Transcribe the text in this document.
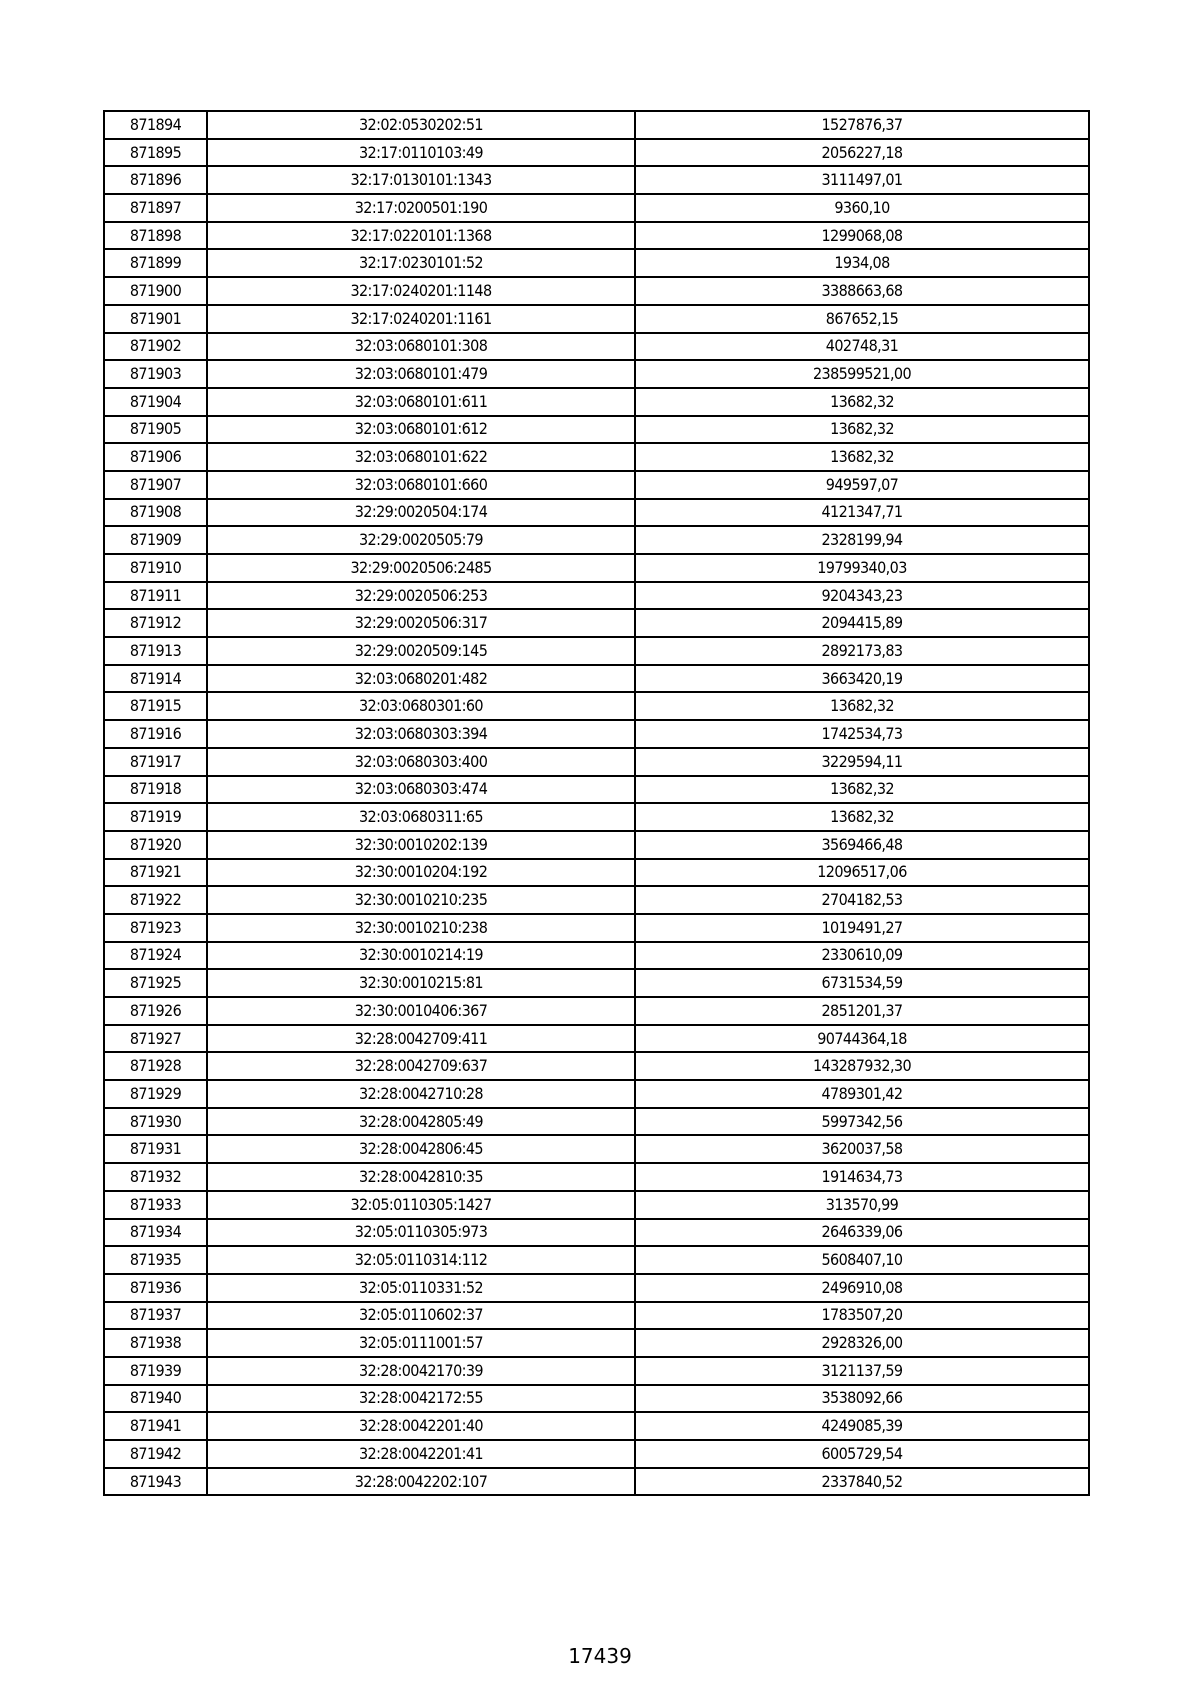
871894	32:02:0530202:51	1527876,37
871895	32:17:0110103:49	2056227,18
871896	32:17:0130101:1343	3111497,01
871897	32:17:0200501:190	9360,10
871898	32:17:0220101:1368	1299068,08
871899	32:17:0230101:52	1934,08
871900	32:17:0240201:1148	3388663,68
871901	32:17:0240201:1161	867652,15
871902	32:03:0680101:308	402748,31
871903	32:03:0680101:479	238599521,00
871904	32:03:0680101:611	13682,32
871905	32:03:0680101:612	13682,32
871906	32:03:0680101:622	13682,32
871907	32:03:0680101:660	949597,07
871908	32:29:0020504:174	4121347,71
871909	32:29:0020505:79	2328199,94
871910	32:29:0020506:2485	19799340,03
871911	32:29:0020506:253	9204343,23
871912	32:29:0020506:317	2094415,89
871913	32:29:0020509:145	2892173,83
871914	32:03:0680201:482	3663420,19
871915	32:03:0680301:60	13682,32
871916	32:03:0680303:394	1742534,73
871917	32:03:0680303:400	3229594,11
871918	32:03:0680303:474	13682,32
871919	32:03:0680311:65	13682,32
871920	32:30:0010202:139	3569466,48
871921	32:30:0010204:192	12096517,06
871922	32:30:0010210:235	2704182,53
871923	32:30:0010210:238	1019491,27
871924	32:30:0010214:19	2330610,09
871925	32:30:0010215:81	6731534,59
871926	32:30:0010406:367	2851201,37
871927	32:28:0042709:411	90744364,18
871928	32:28:0042709:637	143287932,30
871929	32:28:0042710:28	4789301,42
871930	32:28:0042805:49	5997342,56
871931	32:28:0042806:45	3620037,58
871932	32:28:0042810:35	1914634,73
871933	32:05:0110305:1427	313570,99
871934	32:05:0110305:973	2646339,06
871935	32:05:0110314:112	5608407,10
871936	32:05:0110331:52	2496910,08
871937	32:05:0110602:37	1783507,20
871938	32:05:0111001:57	2928326,00
871939	32:28:0042170:39	3121137,59
871940	32:28:0042172:55	3538092,66
871941	32:28:0042201:40	4249085,39
871942	32:28:0042201:41	6005729,54
871943	32:28:0042202:107	2337840,52
17439
